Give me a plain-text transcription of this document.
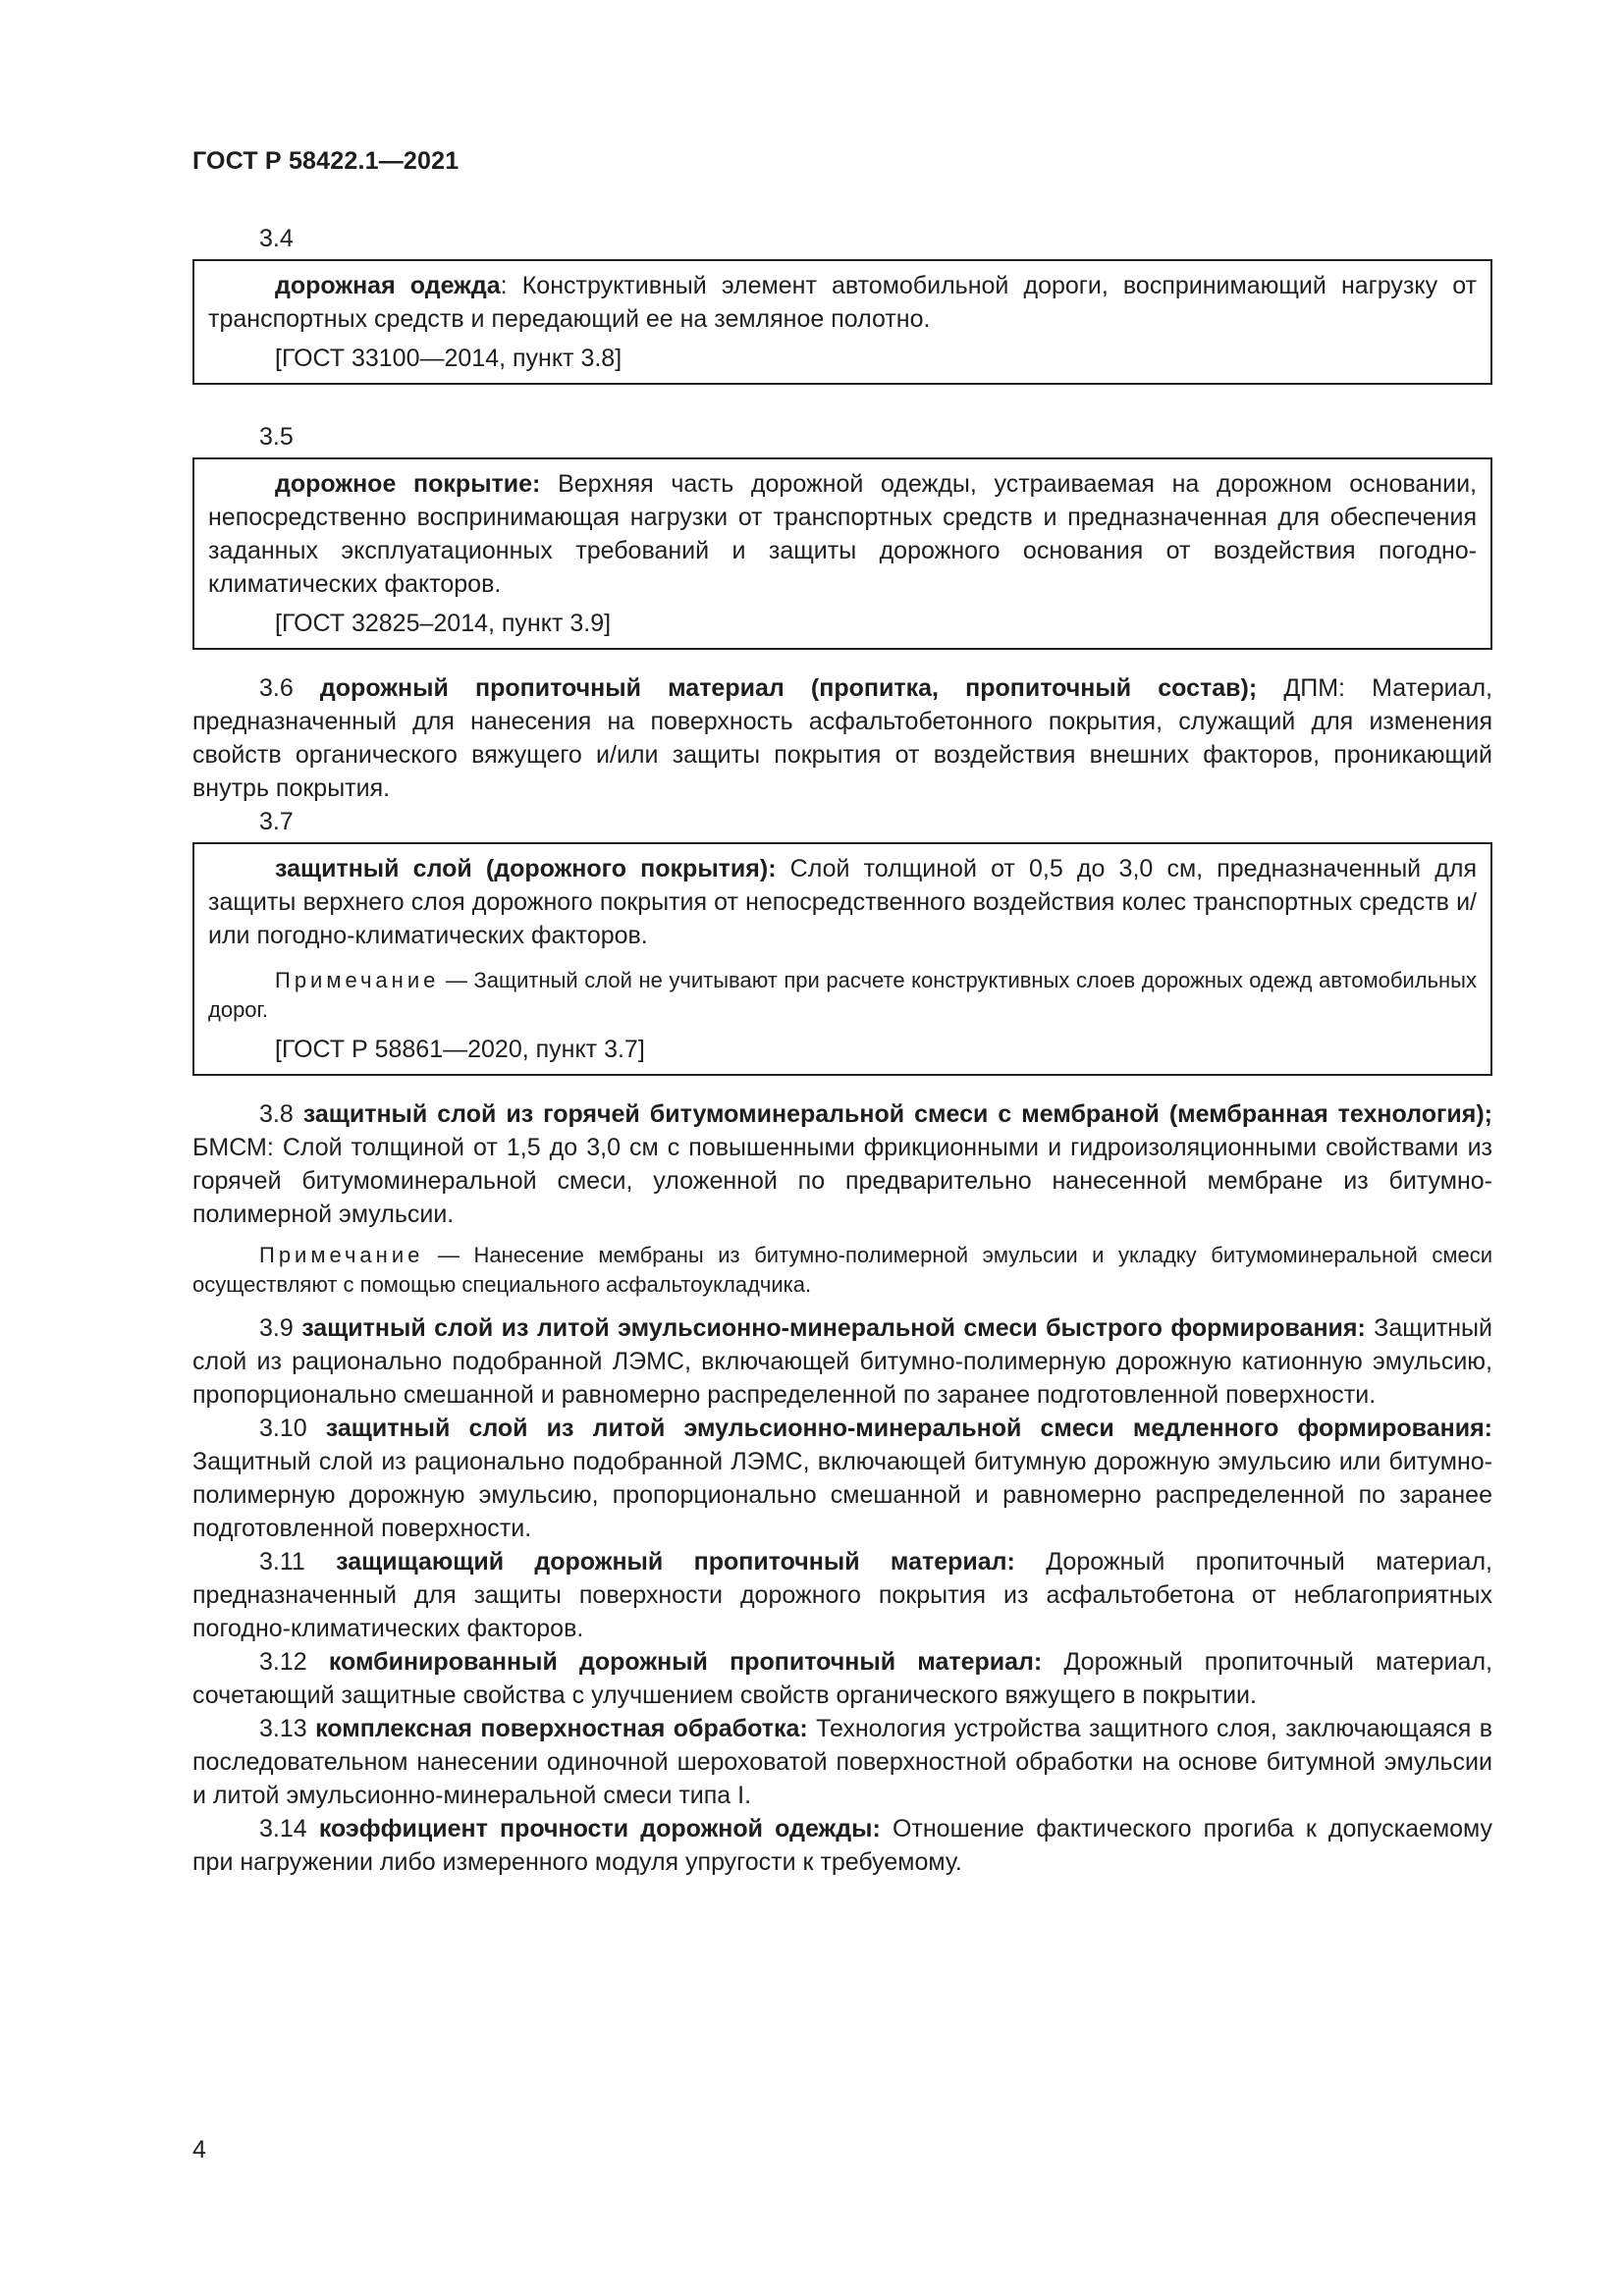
ГОСТ Р 58422.1—2021

3.4

дорожная одежда: Конструктивный элемент автомобильной дороги, воспринимающий нагрузку от транспортных средств и передающий ее на земляное полотно.

[ГОСТ 33100—2014, пункт 3.8]

3.5

дорожное покрытие: Верхняя часть дорожной одежды, устраиваемая на дорожном основании, непосредственно воспринимающая нагрузки от транспортных средств и предназначенная для обеспечения заданных эксплуатационных требований и защиты дорожного основания от воздействия погодно-климатических факторов.

[ГОСТ 32825–2014, пункт 3.9]

3.6 дорожный пропиточный материал (пропитка, пропиточный состав); ДПМ: Материал, предназначенный для нанесения на поверхность асфальтобетонного покрытия, служащий для изменения свойств органического вяжущего и/или защиты покрытия от воздействия внешних факторов, проникающий внутрь покрытия.

3.7

защитный слой (дорожного покрытия): Слой толщиной от 0,5 до 3,0 см, предназначенный для защиты верхнего слоя дорожного покрытия от непосредственного воздействия колес транспортных средств и/или погодно-климатических факторов.

Примечание — Защитный слой не учитывают при расчете конструктивных слоев дорожных одежд автомобильных дорог.

[ГОСТ Р 58861—2020, пункт 3.7]

3.8 защитный слой из горячей битумоминеральной смеси с мембраной (мембранная технология); БМСМ: Слой толщиной от 1,5 до 3,0 см с повышенными фрикционными и гидроизоляционными свойствами из горячей битумоминеральной смеси, уложенной по предварительно нанесенной мембране из битумно-полимерной эмульсии.

Примечание — Нанесение мембраны из битумно-полимерной эмульсии и укладку битумоминеральной смеси осуществляют с помощью специального асфальтоукладчика.

3.9 защитный слой из литой эмульсионно-минеральной смеси быстрого формирования: Защитный слой из рационально подобранной ЛЭМС, включающей битумно-полимерную дорожную катионную эмульсию, пропорционально смешанной и равномерно распределенной по заранее подготовленной поверхности.

3.10 защитный слой из литой эмульсионно-минеральной смеси медленного формирования: Защитный слой из рационально подобранной ЛЭМС, включающей битумную дорожную эмульсию или битумно-полимерную дорожную эмульсию, пропорционально смешанной и равномерно распределенной по заранее подготовленной поверхности.

3.11 защищающий дорожный пропиточный материал: Дорожный пропиточный материал, предназначенный для защиты поверхности дорожного покрытия из асфальтобетона от неблагоприятных погодно-климатических факторов.

3.12 комбинированный дорожный пропиточный материал: Дорожный пропиточный материал, сочетающий защитные свойства с улучшением свойств органического вяжущего в покрытии.

3.13 комплексная поверхностная обработка: Технология устройства защитного слоя, заключающаяся в последовательном нанесении одиночной шероховатой поверхностной обработки на основе битумной эмульсии и литой эмульсионно-минеральной смеси типа I.

3.14 коэффициент прочности дорожной одежды: Отношение фактического прогиба к допускаемому при нагружении либо измеренного модуля упругости к требуемому.

4
